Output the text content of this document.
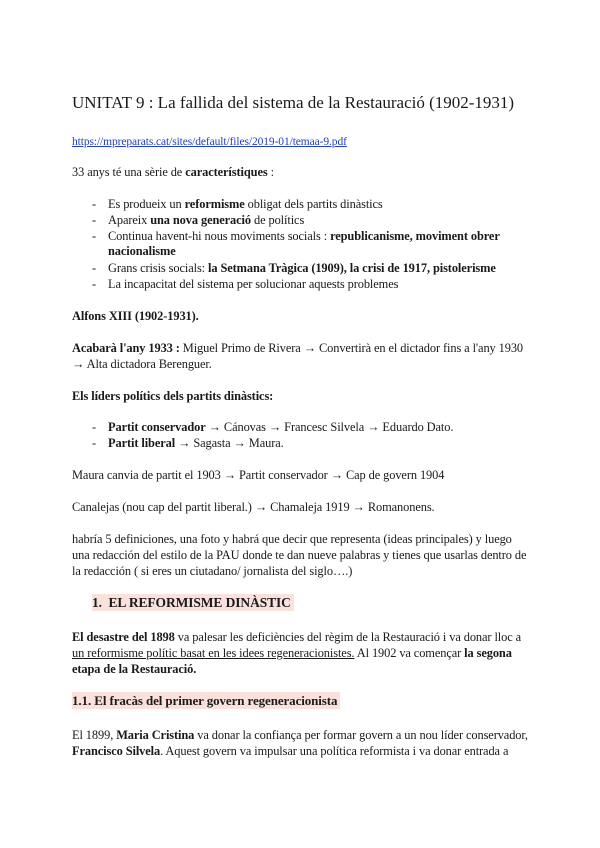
UNITAT 9 : La fallida del sistema de la Restauració (1902-1931)
https://mpreparats.cat/sites/default/files/2019-01/temaa-9.pdf
33 anys té una sèrie de característiques :
- Es produeix un reformisme obligat dels partits dinàstics
- Apareix una nova generació de polítics
- Continua havent-hi nous moviments socials : republicanisme, moviment obrer
nacionalisme
- Grans crisis socials: la Setmana Tràgica (1909), la crisi de 1917, pistolerisme
- La incapacitat del sistema per solucionar aquests problemes
Alfons XIII (1902-1931).
Acabarà l'any 1933 : Miguel Primo de Rivera → Convertirà en el dictador fins a l'any 1930
→ Alta dictadora Berenguer.
Els líders polítics dels partits dinàstics:
- Partit conservador → Cánovas → Francesc Silvela → Eduardo Dato.
- Partit liberal → Sagasta → Maura.
Maura canvia de partit el 1903 → Partit conservador → Cap de govern 1904
Canalejas (nou cap del partit liberal.) → Chamaleja 1919 → Romanonens.
habría 5 definiciones, una foto y habrá que decir que representa (ideas principales) y luego
una redacción del estilo de la PAU donde te dan nueve palabras y tienes que usarlas dentro de
la redacción ( si eres un ciutadano/ jornalista del siglo….)
1. EL REFORMISME DINÀSTIC
El desastre del 1898 va palesar les deficiències del règim de la Restauració i va donar lloc a
un reformisme polític basat en les idees regeneracionistes. Al 1902 va començar la segona
etapa de la Restauració.
1.1. El fracàs del primer govern regeneracionista
El 1899, Maria Cristina va donar la confiança per formar govern a un nou líder conservador,
Francisco Silvela. Aquest govern va impulsar una política reformista i va donar entrada a
